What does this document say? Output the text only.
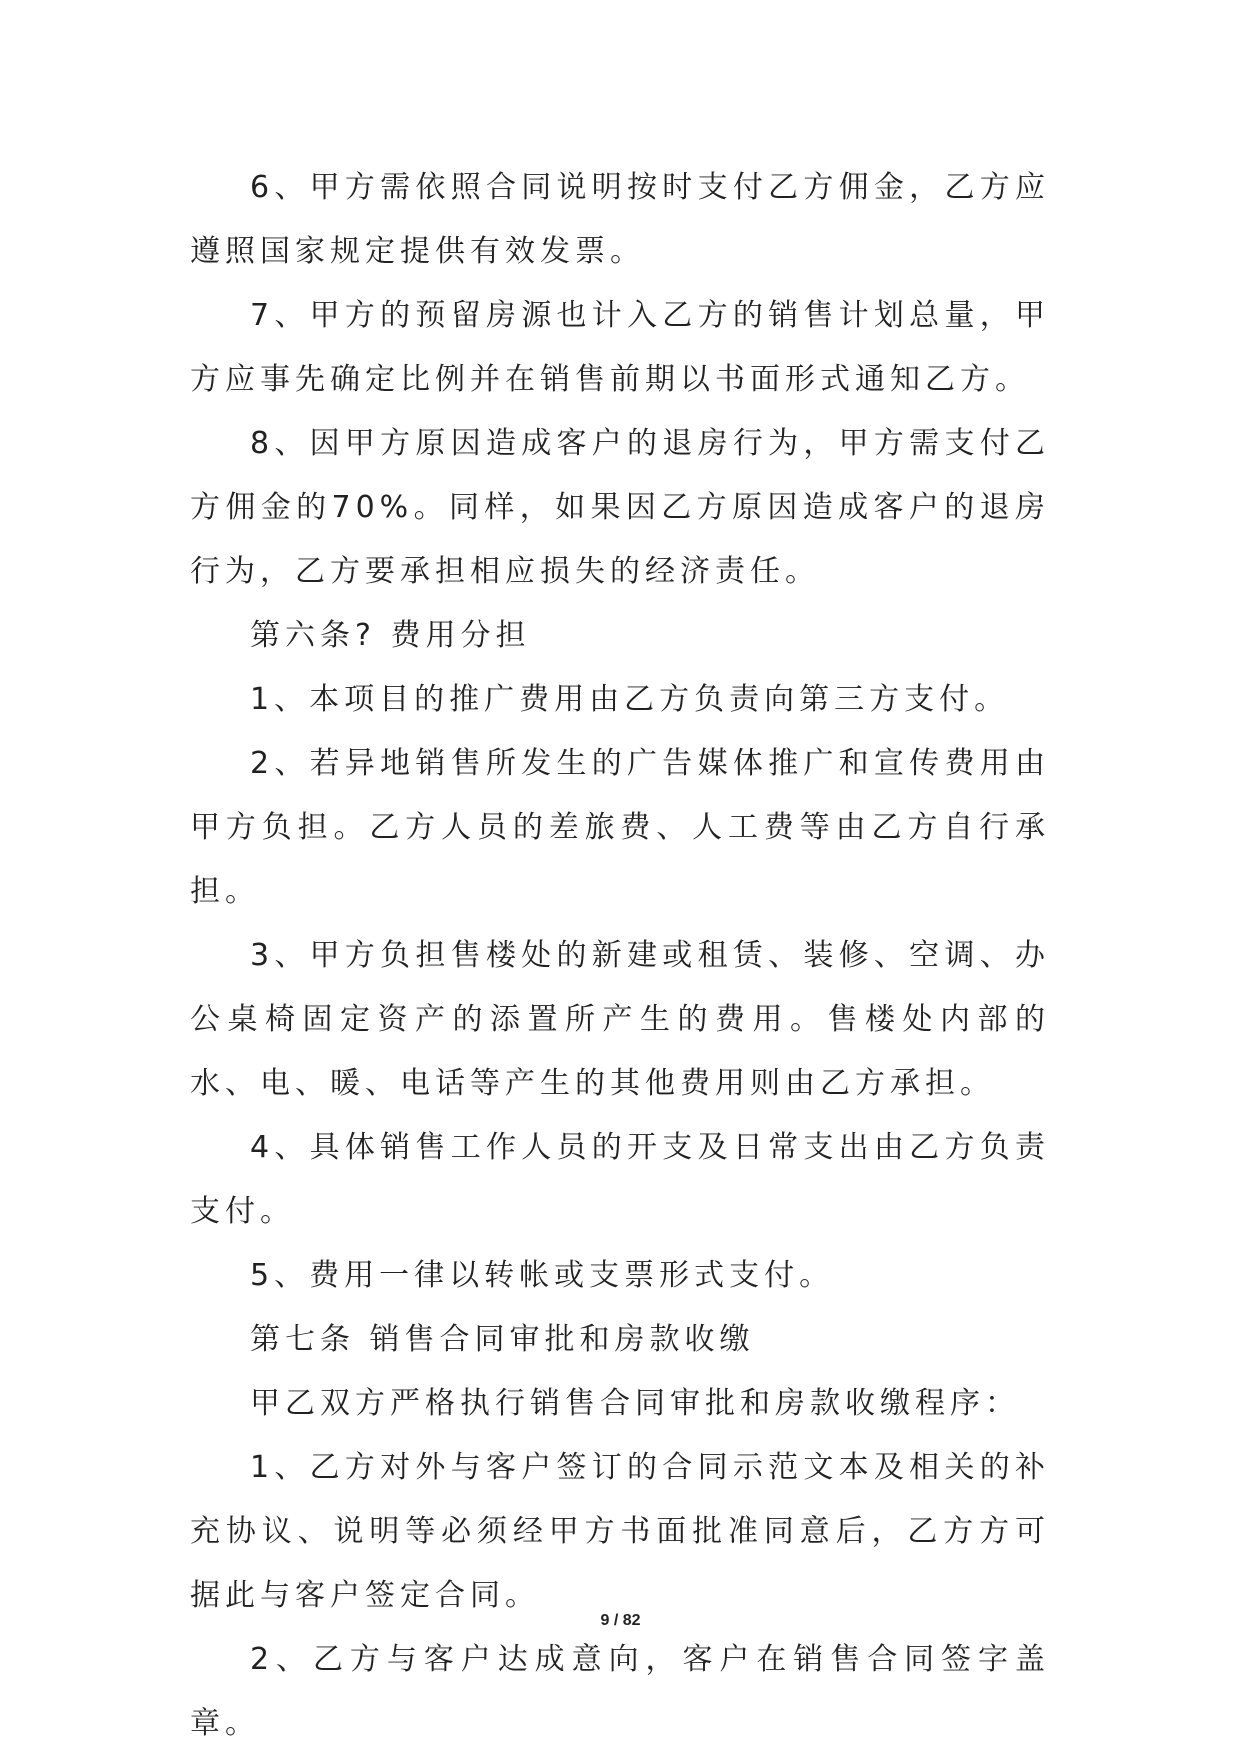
6、甲方需依照合同说明按时支付乙方佣金，乙方应遵照国家规定提供有效发票。

7、甲方的预留房源也计入乙方的销售计划总量，甲方应事先确定比例并在销售前期以书面形式通知乙方。

8、因甲方原因造成客户的退房行为，甲方需支付乙方佣金的70%。同样，如果因乙方原因造成客户的退房行为，乙方要承担相应损失的经济责任。

第六条? 费用分担

1、本项目的推广费用由乙方负责向第三方支付。

2、若异地销售所发生的广告媒体推广和宣传费用由甲方负担。乙方人员的差旅费、人工费等由乙方自行承担。

3、甲方负担售楼处的新建或租赁、装修、空调、办公桌椅固定资产的添置所产生的费用。售楼处内部的水、电、暖、电话等产生的其他费用则由乙方承担。

4、具体销售工作人员的开支及日常支出由乙方负责支付。

5、费用一律以转帐或支票形式支付。

第七条 销售合同审批和房款收缴

甲乙双方严格执行销售合同审批和房款收缴程序：

1、乙方对外与客户签订的合同示范文本及相关的补充协议、说明等必须经甲方书面批准同意后，乙方方可据此与客户签定合同。

2、乙方与客户达成意向，客户在销售合同签字盖章。

9 / 82
